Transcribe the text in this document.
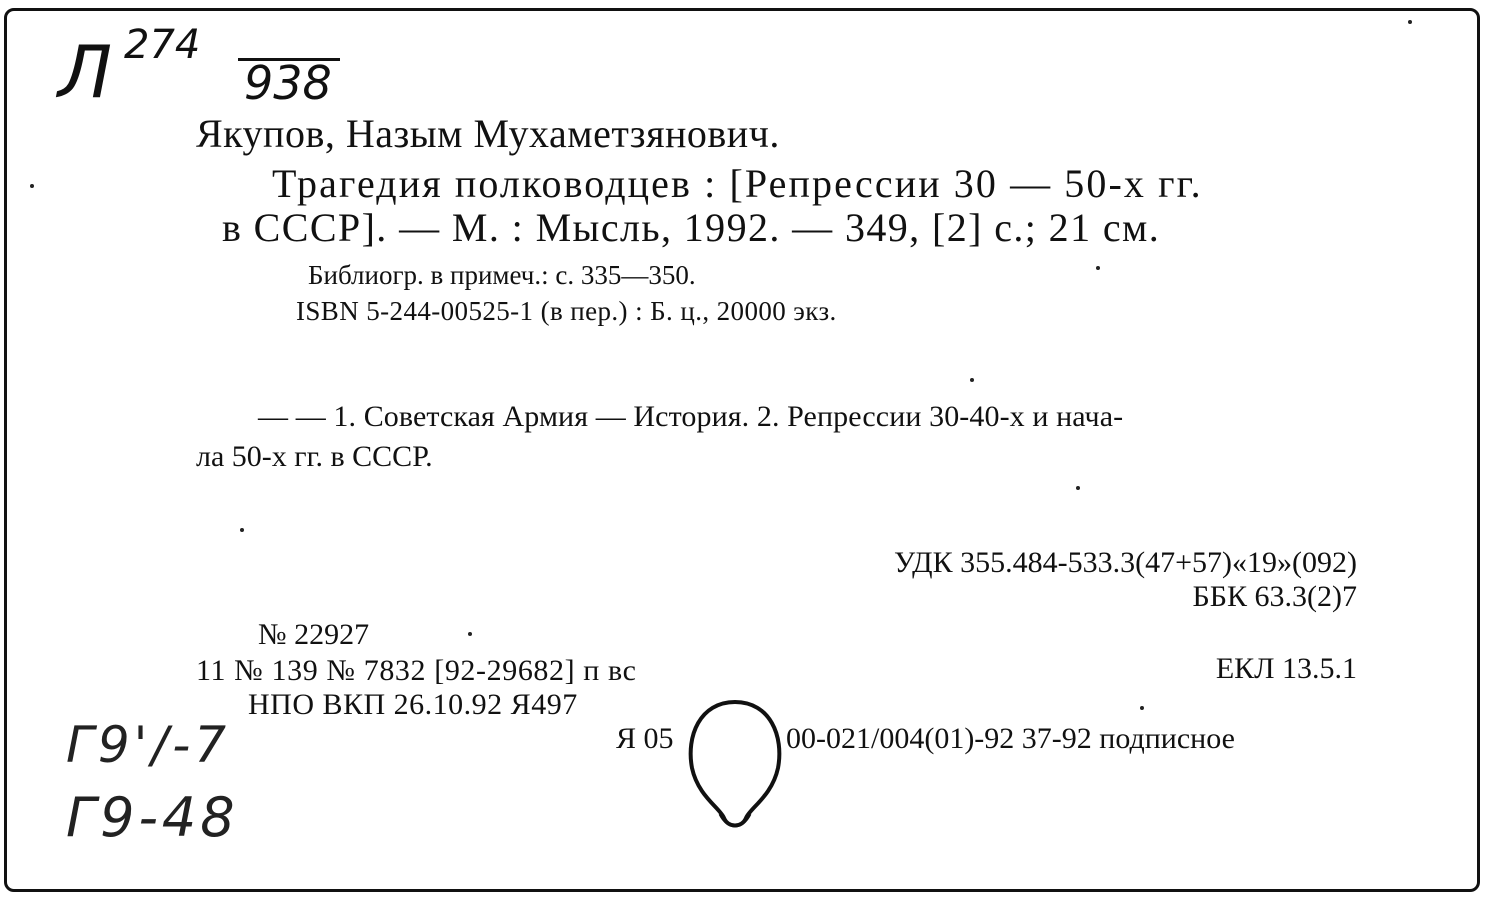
Л 274
938
Якупов, Назым Мухаметзянович.
Трагедия полководцев : [Репрессии 30 — 50-х гг.
в СССР]. — М. : Мысль, 1992. — 349, [2] с.; 21 см.
Библиогр. в примеч.: с. 335—350.
ISBN 5-244-00525-1 (в пер.) : Б. ц., 20000 экз.
— — 1. Советская Армия — История. 2. Репрессии 30-40-х и нача-
ла 50-х гг. в СССР.
УДК 355.484-533.3(47+57)«19»(092)
ББК 63.3(2)7
№ 22927
11 № 139 № 7832 [92-29682] п вс	ЕКЛ 13.5.1
НПО ВКП 26.10.92 Я497
Я 05	00-021/004(01)-92 37-92 подписное
Г9'/-7
Г9-48
